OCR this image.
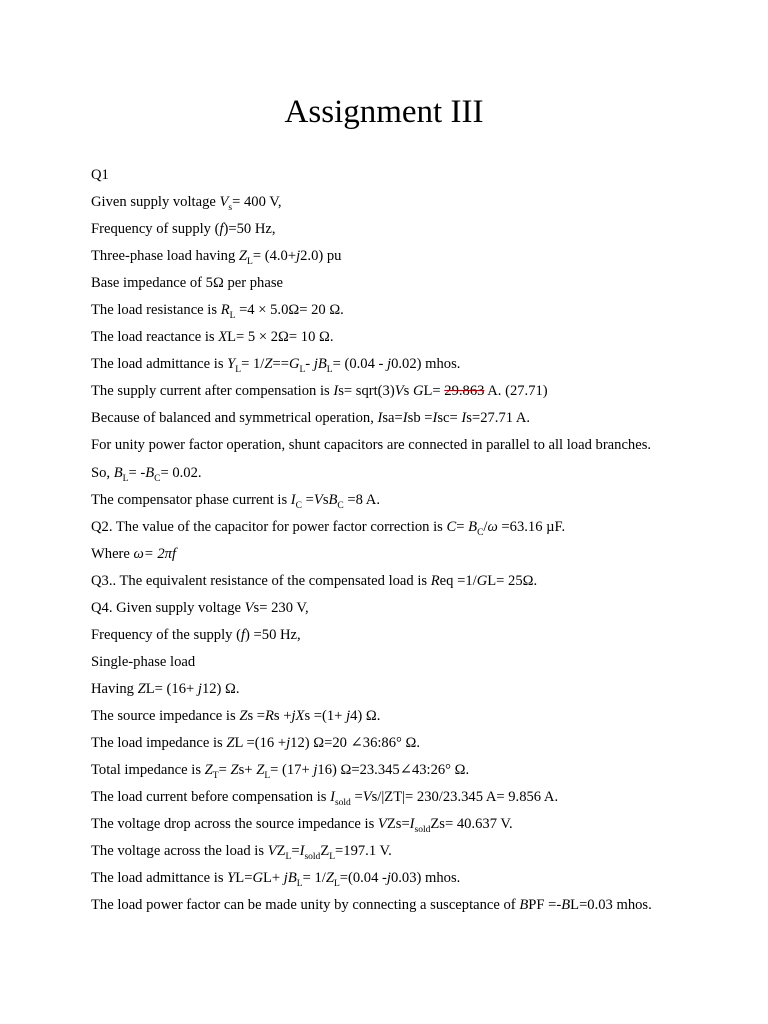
Assignment III
Q1
Given supply voltage $V_s= 400$ V,
Frequency of supply (f)=50 Hz,
Three-phase load having $Z_L= (4.0+j2.0)$ pu
Base impedance of 5Ω per phase
The load resistance is $R_L =4 \times 5.0\Omega= 20$ Ω.
The load reactance is XL= 5 × 2Ω= 10 Ω.
The load admittance is $Y_L= 1/Z==G_L-$ $jB_L= (0.04 - j0.02)$ mhos.
The supply current after compensation is Is= sqrt(3)Vs GL= 29.863 A. (27.71)
Because of balanced and symmetrical operation, Isa=Isb =Isc= Is=27.71 A.
For unity power factor operation, shunt capacitors are connected in parallel to all load branches.
So, $B_L= -B_C= 0.02$.
The compensator phase current is $I_C =VsB_C =8$ A.
Q2. The value of the capacitor for power factor correction is $C= B_C/\omega =63.16$ µF.
Where ω= 2πf
Q3.. The equivalent resistance of the compensated load is Req =1/GL= 25Ω.
Q4. Given supply voltage Vs= 230 V,
Frequency of the supply (f) =50 Hz,
Single-phase load
Having ZL= (16+ j12) Ω.
The source impedance is Zs =Rs +jXs =(1+ j4) Ω.
The load impedance is ZL =(16 +j12) Ω=20 ∠36:86° Ω.
Total impedance is $Z_T= Zs+ Z_L= (17+ j16)$ Ω=23.345∠43:26° Ω.
The load current before compensation is $I_{sold} =Vs/|ZT|= 230/23.345$ A= 9.856 A.
The voltage drop across the source impedance is $VZs=I_{sold}Zs= 40.637$ V.
The voltage across the load is $VZ_L=I_{sold}Z_L=197.1$ V.
The load admittance is $YL=GL+ jB_L= 1/Z_L=(0.04$ -j0.03) mhos.
The load power factor can be made unity by connecting a susceptance of BPF =-BL=0.03 mhos.
